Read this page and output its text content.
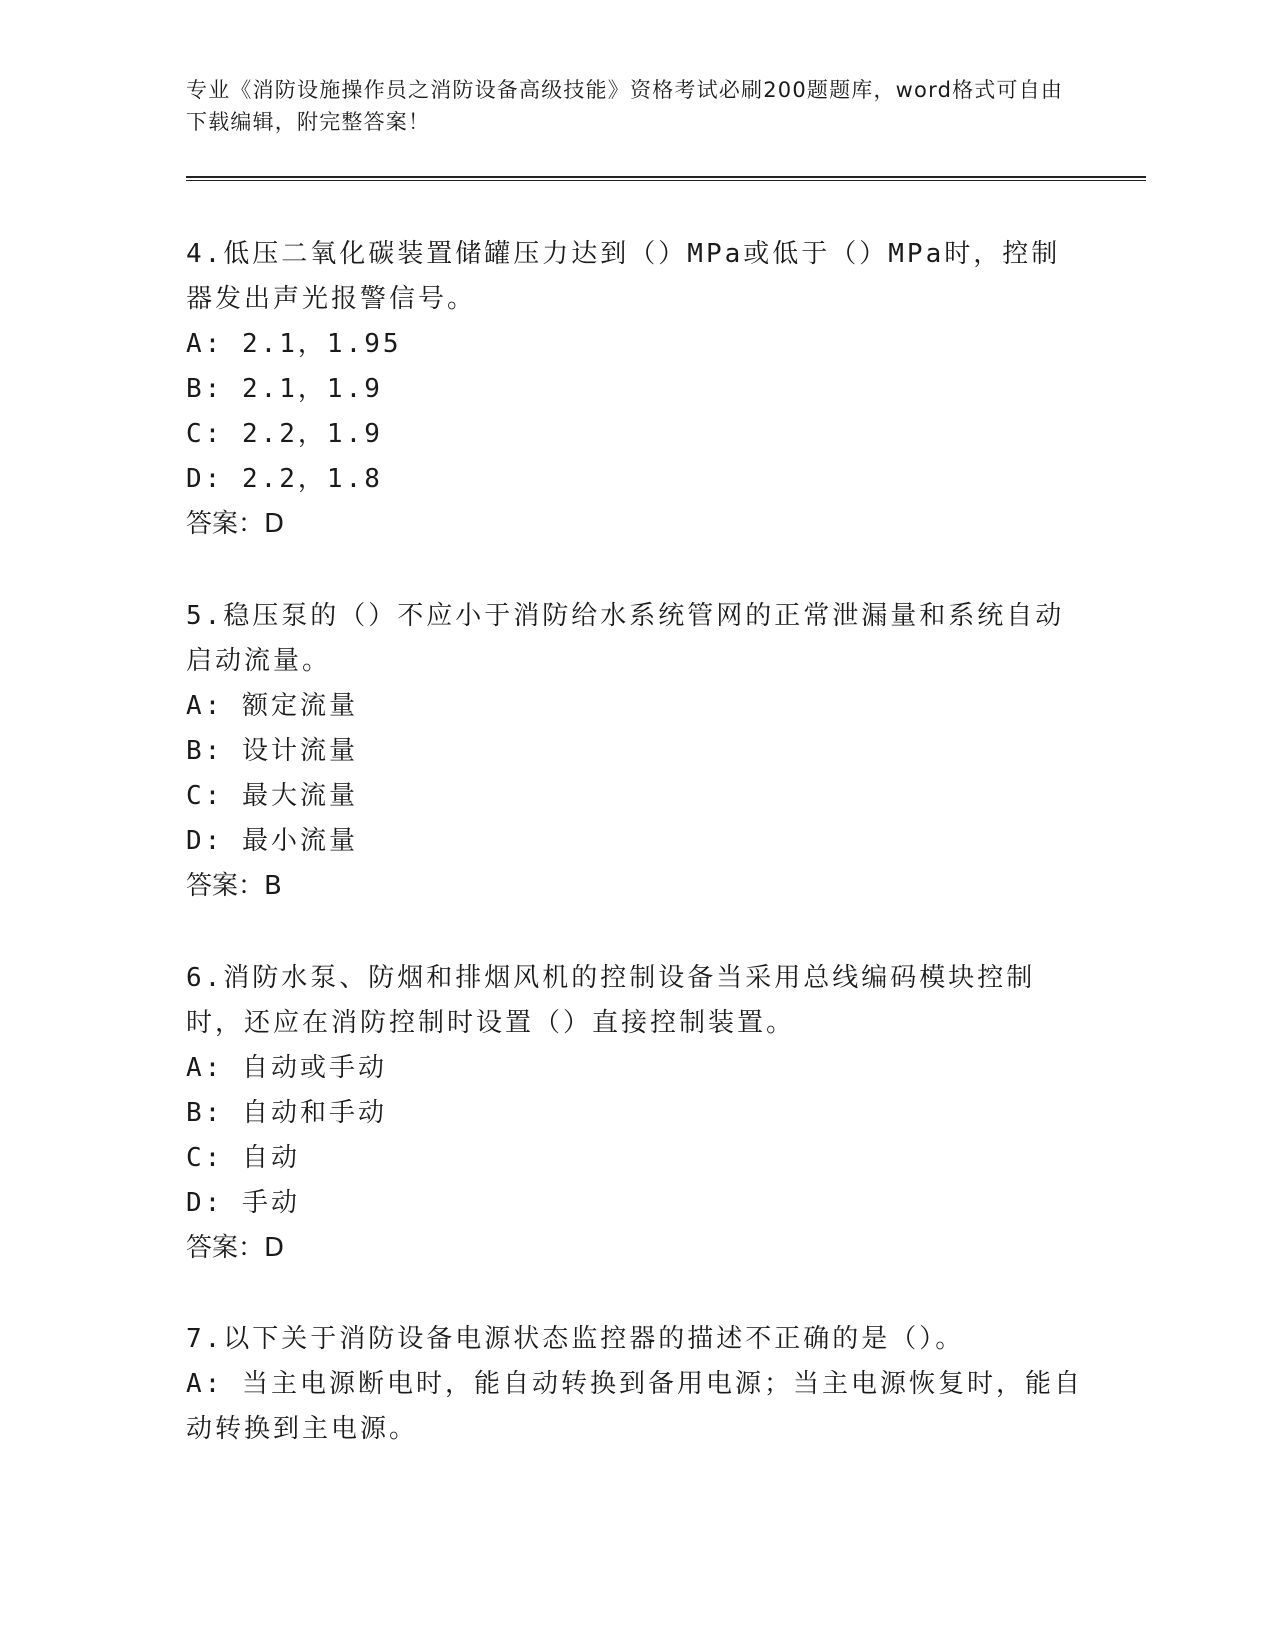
专业《消防设施操作员之消防设备高级技能》资格考试必刷200题题库，word格式可自由下载编辑，附完整答案！

4.低压二氧化碳装置储罐压力达到（）MPa或低于（）MPa时，控制器发出声光报警信号。

A: 2.1，1.95

B: 2.1，1.9

C: 2.2，1.9

D: 2.2，1.8

答案：D

5.稳压泵的（）不应小于消防给水系统管网的正常泄漏量和系统自动启动流量。

A: 额定流量

B: 设计流量

C: 最大流量

D: 最小流量

答案：B

6.消防水泵、防烟和排烟风机的控制设备当采用总线编码模块控制时，还应在消防控制时设置（）直接控制装置。

A: 自动或手动

B: 自动和手动

C: 自动

D: 手动

答案：D

7.以下关于消防设备电源状态监控器的描述不正确的是（）。

A: 当主电源断电时，能自动转换到备用电源；当主电源恢复时，能自动转换到主电源。
